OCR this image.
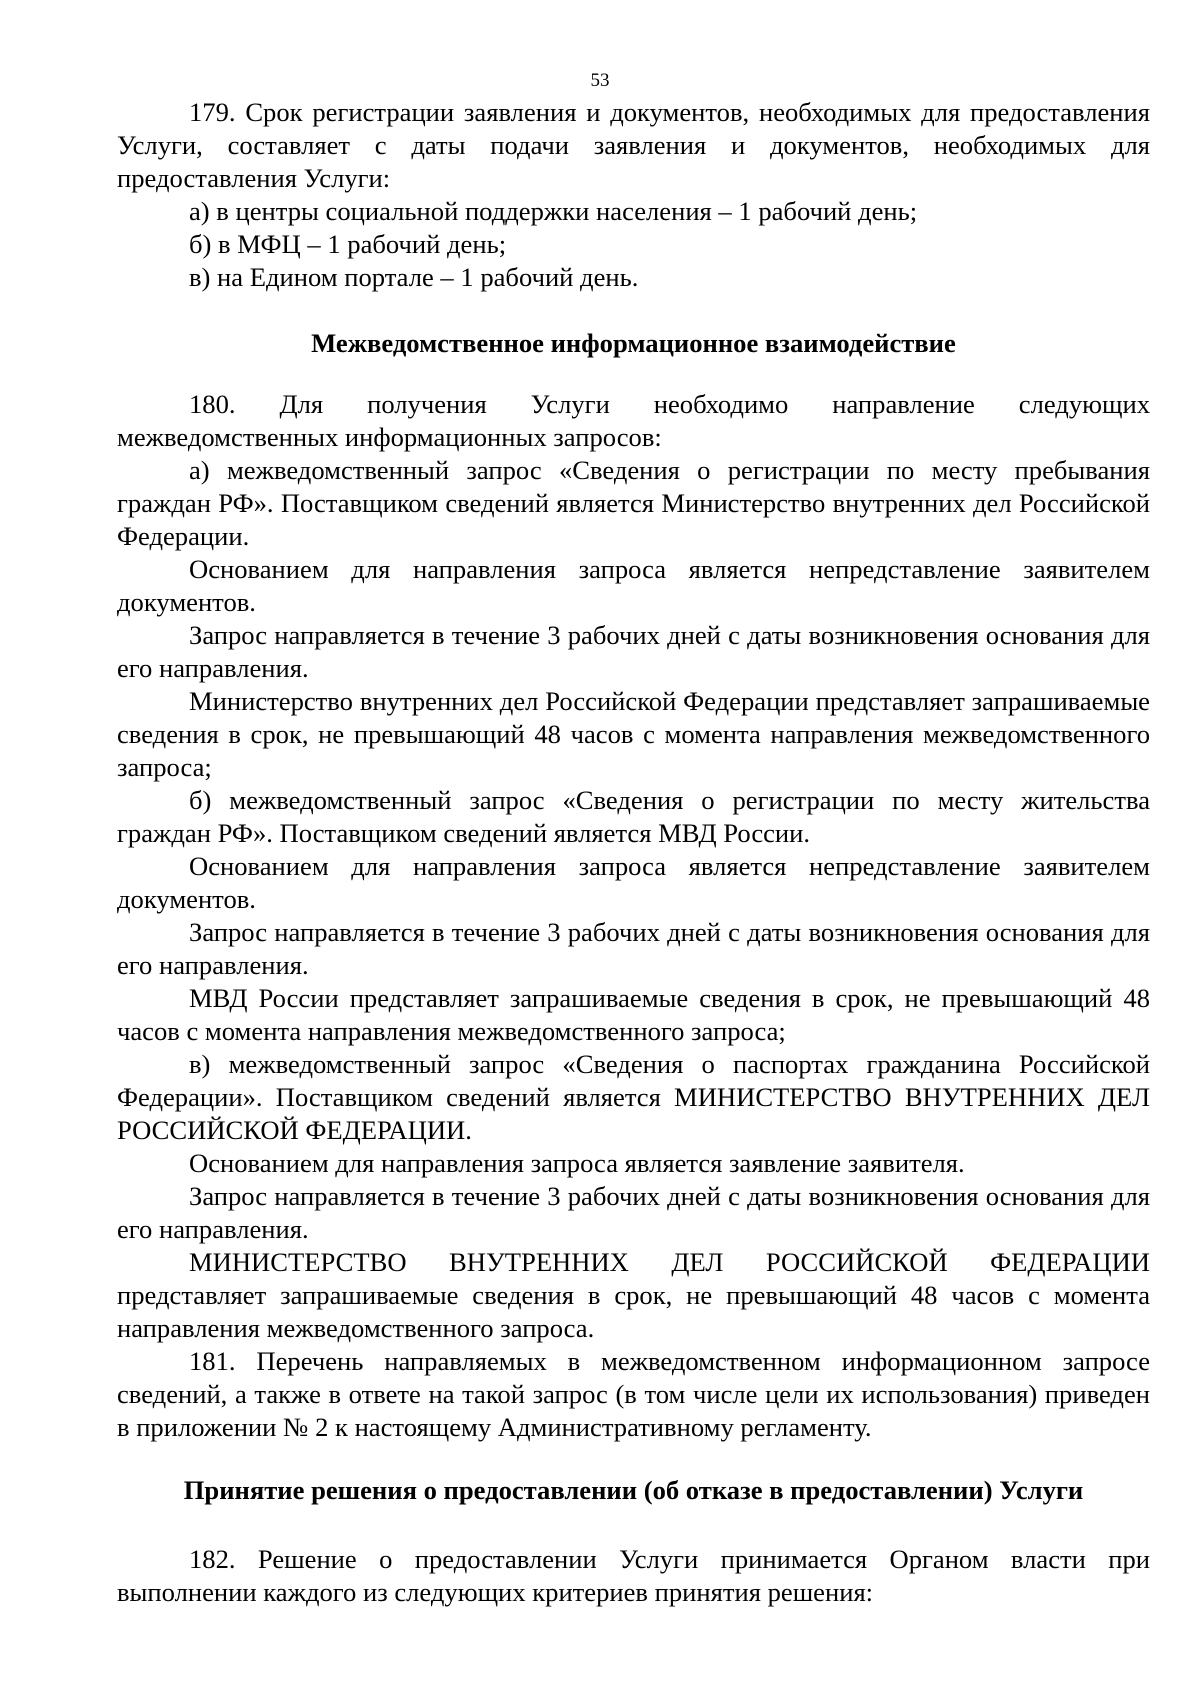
53

179. Срок регистрации заявления и документов, необходимых для предоставления Услуги, составляет с даты подачи заявления и документов, необходимых для предоставления Услуги:

а) в центры социальной поддержки населения – 1 рабочий день;

б) в МФЦ – 1 рабочий день;

в) на Едином портале – 1 рабочий день.

Межведомственное информационное взаимодействие

180. Для получения Услуги необходимо направление следующих межведомственных информационных запросов:

а) межведомственный запрос «Сведения о регистрации по месту пребывания граждан РФ». Поставщиком сведений является Министерство внутренних дел Российской Федерации.

Основанием для направления запроса является непредставление заявителем документов.

Запрос направляется в течение 3 рабочих дней с даты возникновения основания для его направления.

Министерство внутренних дел Российской Федерации представляет запрашиваемые сведения в срок, не превышающий 48 часов с момента направления межведомственного запроса;

б) межведомственный запрос «Сведения о регистрации по месту жительства граждан РФ». Поставщиком сведений является МВД России.

Основанием для направления запроса является непредставление заявителем документов.

Запрос направляется в течение 3 рабочих дней с даты возникновения основания для его направления.

МВД России представляет запрашиваемые сведения в срок, не превышающий 48 часов с момента направления межведомственного запроса;

в) межведомственный запрос «Сведения о паспортах гражданина Российской Федерации». Поставщиком сведений является МИНИСТЕРСТВО ВНУТРЕННИХ ДЕЛ РОССИЙСКОЙ ФЕДЕРАЦИИ.

Основанием для направления запроса является заявление заявителя.

Запрос направляется в течение 3 рабочих дней с даты возникновения основания для его направления.

МИНИСТЕРСТВО ВНУТРЕННИХ ДЕЛ РОССИЙСКОЙ ФЕДЕРАЦИИ представляет запрашиваемые сведения в срок, не превышающий 48 часов с момента направления межведомственного запроса.

181. Перечень направляемых в межведомственном информационном запросе сведений, а также в ответе на такой запрос (в том числе цели их использования) приведен в приложении № 2 к настоящему Административному регламенту.

Принятие решения о предоставлении (об отказе в предоставлении) Услуги

182. Решение о предоставлении Услуги принимается Органом власти при выполнении каждого из следующих критериев принятия решения:
